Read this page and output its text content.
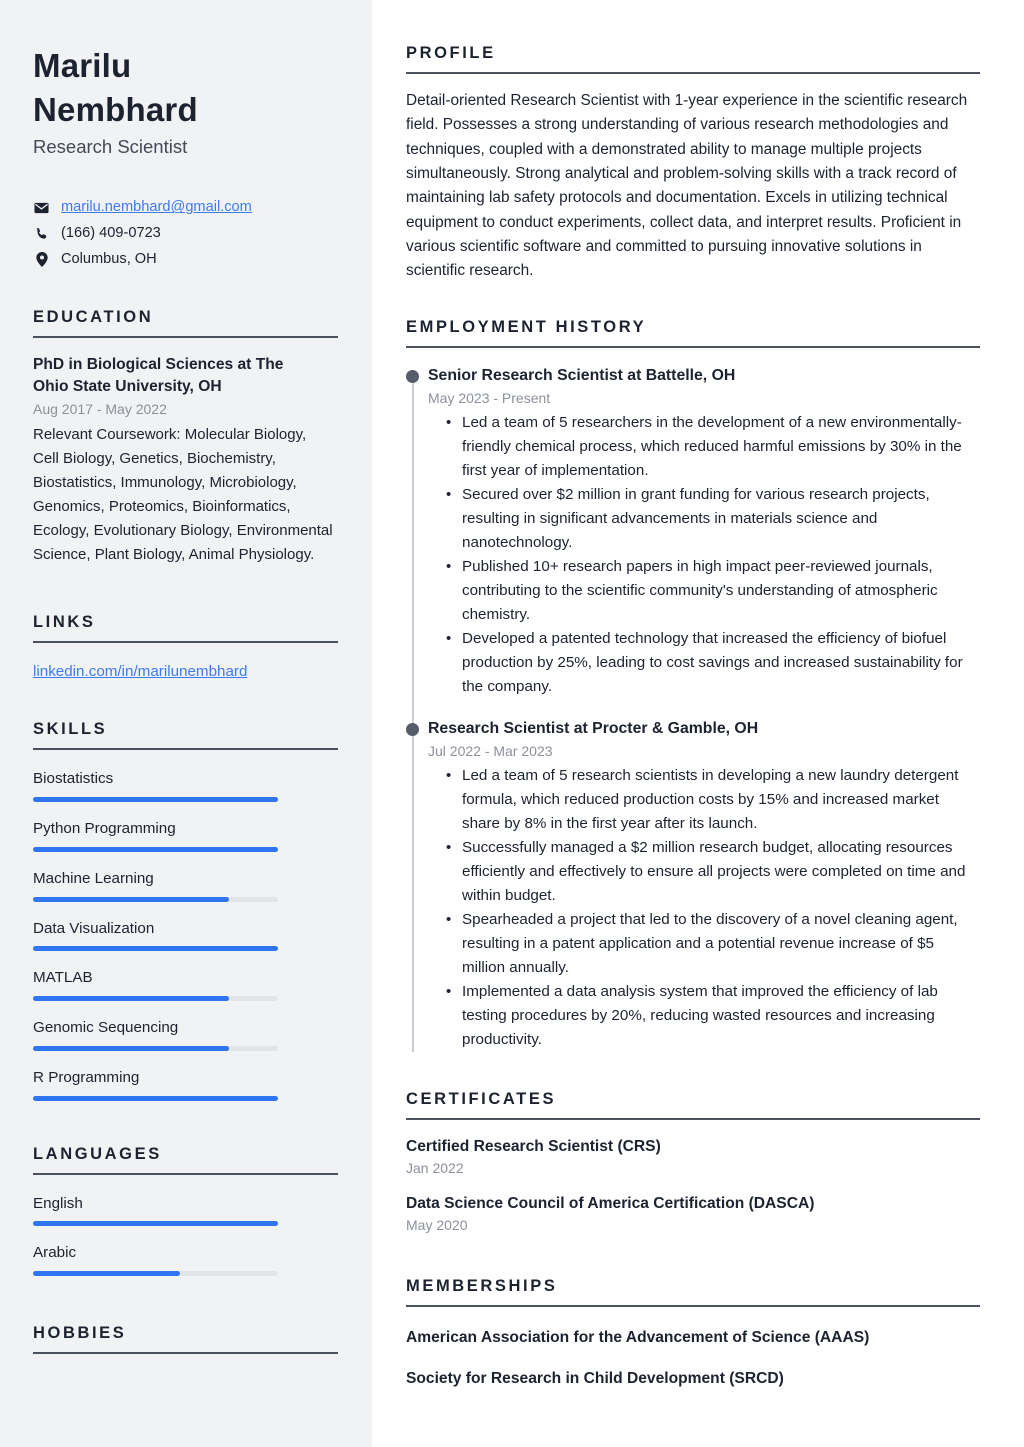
Marilu Nembhard
Research Scientist
marilu.nembhard@gmail.com
(166) 409-0723
Columbus, OH
EDUCATION
PhD in Biological Sciences at The Ohio State University, OH
Aug 2017 - May 2022
Relevant Coursework: Molecular Biology, Cell Biology, Genetics, Biochemistry, Biostatistics, Immunology, Microbiology, Genomics, Proteomics, Bioinformatics, Ecology, Evolutionary Biology, Environmental Science, Plant Biology, Animal Physiology.
LINKS
linkedin.com/in/marilunembhard
SKILLS
Biostatistics
Python Programming
Machine Learning
Data Visualization
MATLAB
Genomic Sequencing
R Programming
LANGUAGES
English
Arabic
HOBBIES
PROFILE

Detail-oriented Research Scientist with 1-year experience in the scientific research field. Possesses a strong understanding of various research methodologies and techniques, coupled with a demonstrated ability to manage multiple projects simultaneously. Strong analytical and problem-solving skills with a track record of maintaining lab safety protocols and documentation. Excels in utilizing technical equipment to conduct experiments, collect data, and interpret results. Proficient in various scientific software and committed to pursuing innovative solutions in scientific research.

EMPLOYMENT HISTORY
Senior Research Scientist at Battelle, OH
May 2023 - Present
• Led a team of 5 researchers in the development of a new environmentally-friendly chemical process, which reduced harmful emissions by 30% in the first year of implementation.
• Secured over $2 million in grant funding for various research projects, resulting in significant advancements in materials science and nanotechnology.
• Published 10+ research papers in high impact peer-reviewed journals, contributing to the scientific community's understanding of atmospheric chemistry.
• Developed a patented technology that increased the efficiency of biofuel production by 25%, leading to cost savings and increased sustainability for the company.
Research Scientist at Procter & Gamble, OH
Jul 2022 - Mar 2023
• Led a team of 5 research scientists in developing a new laundry detergent formula, which reduced production costs by 15% and increased market share by 8% in the first year after its launch.
• Successfully managed a $2 million research budget, allocating resources efficiently and effectively to ensure all projects were completed on time and within budget.
• Spearheaded a project that led to the discovery of a novel cleaning agent, resulting in a patent application and a potential revenue increase of $5 million annually.
• Implemented a data analysis system that improved the efficiency of lab testing procedures by 20%, reducing wasted resources and increasing productivity.
CERTIFICATES
Certified Research Scientist (CRS)
Jan 2022
Data Science Council of America Certification (DASCA)
May 2020
MEMBERSHIPS
American Association for the Advancement of Science (AAAS)
Society for Research in Child Development (SRCD)
